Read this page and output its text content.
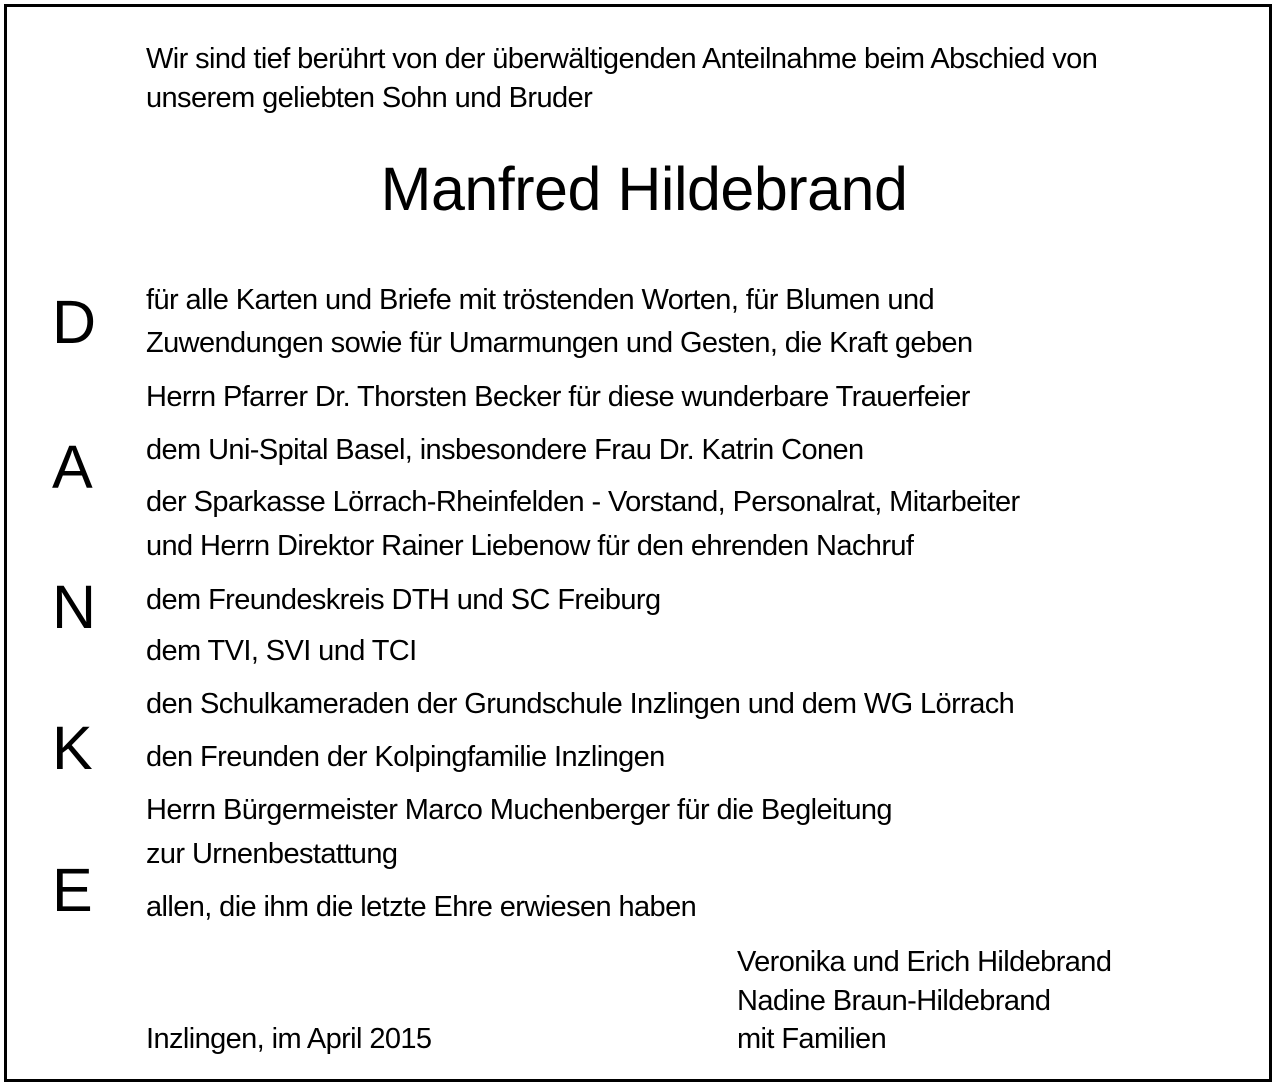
Wir sind tief berührt von der überwältigenden Anteilnahme beim Abschied von
unserem geliebten Sohn und Bruder
Manfred Hildebrand
D
A
N
K
E
für alle Karten und Briefe mit tröstenden Worten, für Blumen und
Zuwendungen sowie für Umarmungen und Gesten, die Kraft geben
Herrn Pfarrer Dr. Thorsten Becker für diese wunderbare Trauerfeier
dem Uni-Spital Basel, insbesondere Frau Dr. Katrin Conen
der Sparkasse Lörrach-Rheinfelden - Vorstand, Personalrat, Mitarbeiter
und Herrn Direktor Rainer Liebenow für den ehrenden Nachruf
dem Freundeskreis DTH und SC Freiburg
dem TVI, SVI und TCI
den Schulkameraden der Grundschule Inzlingen und dem WG Lörrach
den Freunden der Kolpingfamilie Inzlingen
Herrn Bürgermeister Marco Muchenberger für die Begleitung
zur Urnenbestattung
allen, die ihm die letzte Ehre erwiesen haben
Inzlingen, im April 2015
Veronika und Erich Hildebrand
Nadine Braun-Hildebrand
mit Familien
